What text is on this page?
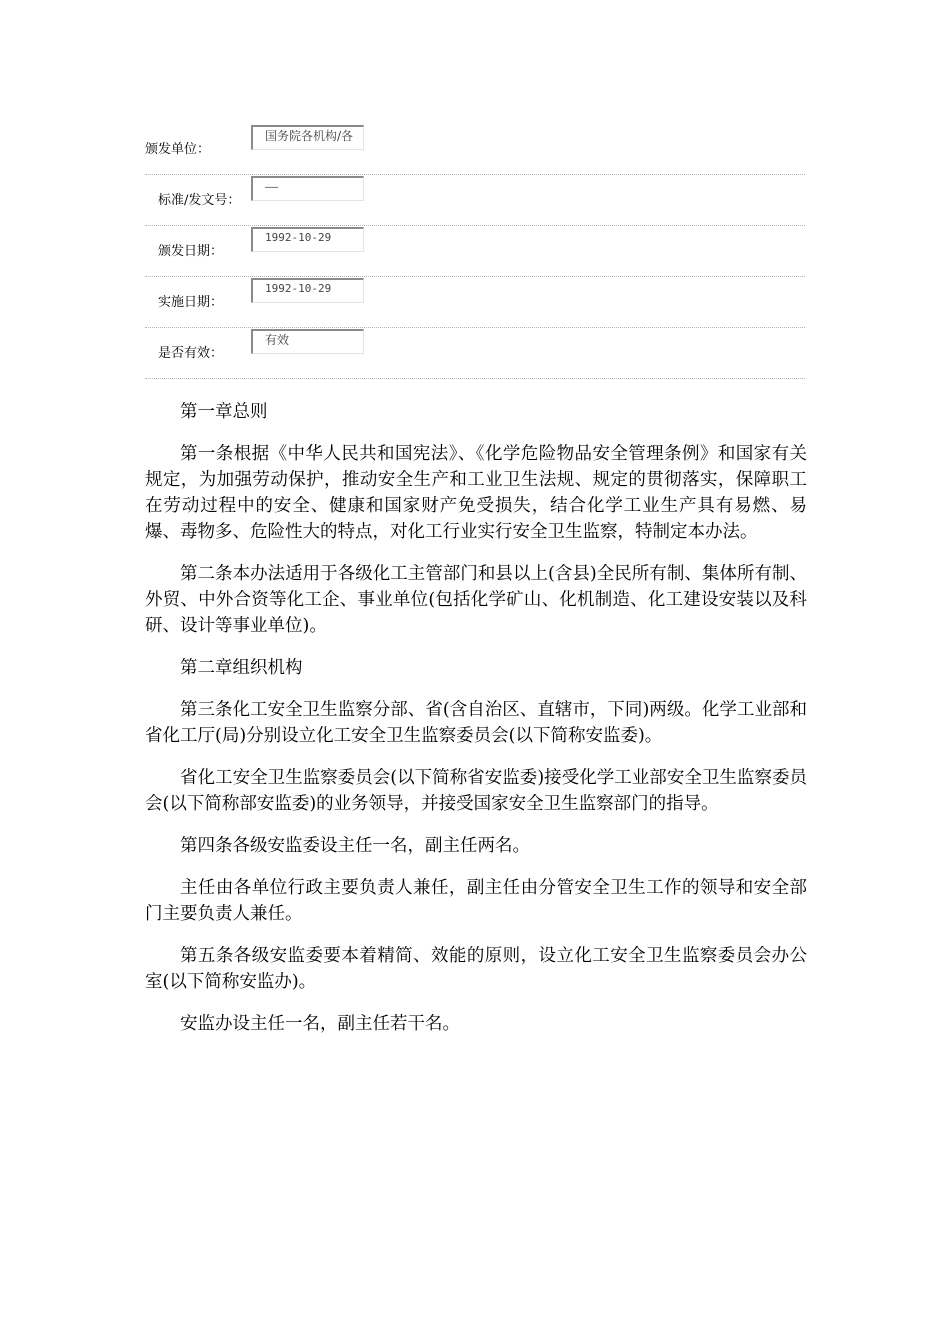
颁发单位：
国务院各机构/各
标准/发文号：
——
颁发日期：
1992-10-29
实施日期：
1992-10-29
是否有效：
有效

第一章总则

第一条根据《中华人民共和国宪法》、《化学危险物品安全管理条例》和国家有关规定，为加强劳动保护，推动安全生产和工业卫生法规、规定的贯彻落实，保障职工在劳动过程中的安全、健康和国家财产免受损失，结合化学工业生产具有易燃、易爆、毒物多、危险性大的特点，对化工行业实行安全卫生监察，特制定本办法。

第二条本办法适用于各级化工主管部门和县以上(含县)全民所有制、集体所有制、外贸、中外合资等化工企、事业单位(包括化学矿山、化机制造、化工建设安装以及科研、设计等事业单位)。

第二章组织机构

第三条化工安全卫生监察分部、省(含自治区、直辖市，下同)两级。化学工业部和省化工厅(局)分别设立化工安全卫生监察委员会(以下简称安监委)。

省化工安全卫生监察委员会(以下简称省安监委)接受化学工业部安全卫生监察委员会(以下简称部安监委)的业务领导，并接受国家安全卫生监察部门的指导。

第四条各级安监委设主任一名，副主任两名。

主任由各单位行政主要负责人兼任，副主任由分管安全卫生工作的领导和安全部门主要负责人兼任。

第五条各级安监委要本着精简、效能的原则，设立化工安全卫生监察委员会办公室(以下简称安监办)。

安监办设主任一名，副主任若干名。
